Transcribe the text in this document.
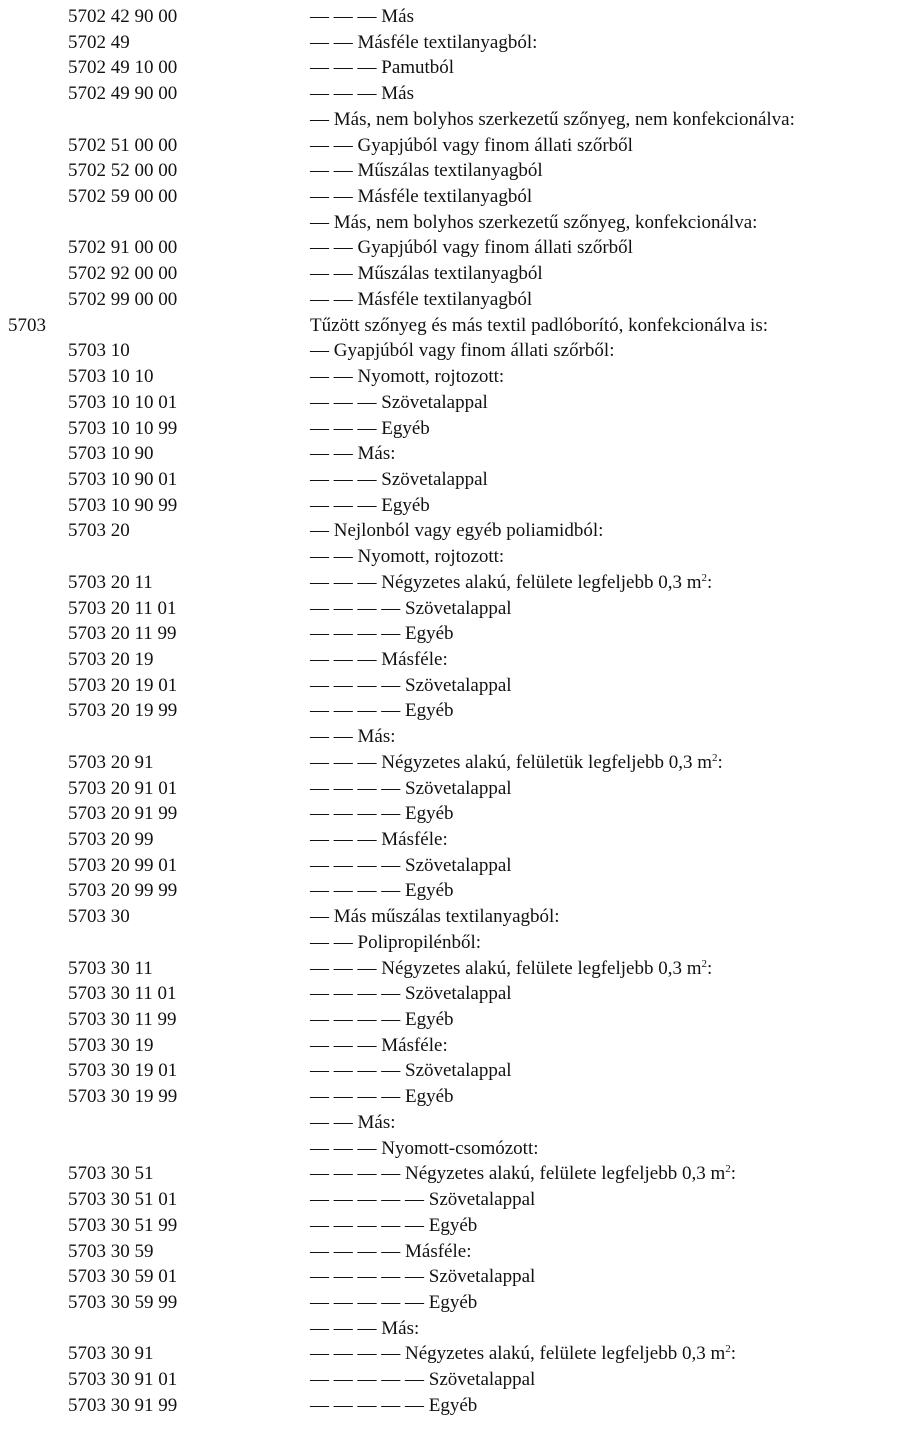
5702 42 90 00	— — — Más
5702 49	— — Másféle textilanyagból:
5702 49 10 00	— — — Pamutból
5702 49 90 00	— — — Más
— Más, nem bolyhos szerkezetű szőnyeg, nem konfekcionálva:
5702 51 00 00	— — Gyapjúból vagy finom állati szőrből
5702 52 00 00	— — Műszálas textilanyagból
5702 59 00 00	— — Másféle textilanyagból
— Más, nem bolyhos szerkezetű szőnyeg, konfekcionálva:
5702 91 00 00	— — Gyapjúból vagy finom állati szőrből
5702 92 00 00	— — Műszálas textilanyagból
5702 99 00 00	— — Másféle textilanyagból
5703	Tűzött szőnyeg és más textil padlóborító, konfekcionálva is:
5703 10	— Gyapjúból vagy finom állati szőrből:
5703 10 10	— — Nyomott, rojtozott:
5703 10 10 01	— — — Szövetalappal
5703 10 10 99	— — — Egyéb
5703 10 90	— — Más:
5703 10 90 01	— — — Szövetalappal
5703 10 90 99	— — — Egyéb
5703 20	— Nejlonból vagy egyéb poliamidból:
— — Nyomott, rojtozott:
5703 20 11	— — — Négyzetes alakú, felülete legfeljebb 0,3 $m^2$:
5703 20 11 01	— — — — Szövetalappal
5703 20 11 99	— — — — Egyéb
5703 20 19	— — — Másféle:
5703 20 19 01	— — — — Szövetalappal
5703 20 19 99	— — — — Egyéb
— — Más:
5703 20 91	— — — Négyzetes alakú, felületük legfeljebb 0,3 $m^2$:
5703 20 91 01	— — — — Szövetalappal
5703 20 91 99	— — — — Egyéb
5703 20 99	— — — Másféle:
5703 20 99 01	— — — — Szövetalappal
5703 20 99 99	— — — — Egyéb
5703 30	— Más műszálas textilanyagból:
— — Polipropilénből:
5703 30 11	— — — Négyzetes alakú, felülete legfeljebb 0,3 $m^2$:
5703 30 11 01	— — — — Szövetalappal
5703 30 11 99	— — — — Egyéb
5703 30 19	— — — Másféle:
5703 30 19 01	— — — — Szövetalappal
5703 30 19 99	— — — — Egyéb
— — Más:
— — — Nyomott-csomózott:
5703 30 51	— — — — Négyzetes alakú, felülete legfeljebb 0,3 $m^2$:
5703 30 51 01	— — — — — Szövetalappal
5703 30 51 99	— — — — — Egyéb
5703 30 59	— — — — Másféle:
5703 30 59 01	— — — — — Szövetalappal
5703 30 59 99	— — — — — Egyéb
— — — Más:
5703 30 91	— — — — Négyzetes alakú, felülete legfeljebb 0,3 $m^2$:
5703 30 91 01	— — — — — Szövetalappal
5703 30 91 99	— — — — — Egyéb
